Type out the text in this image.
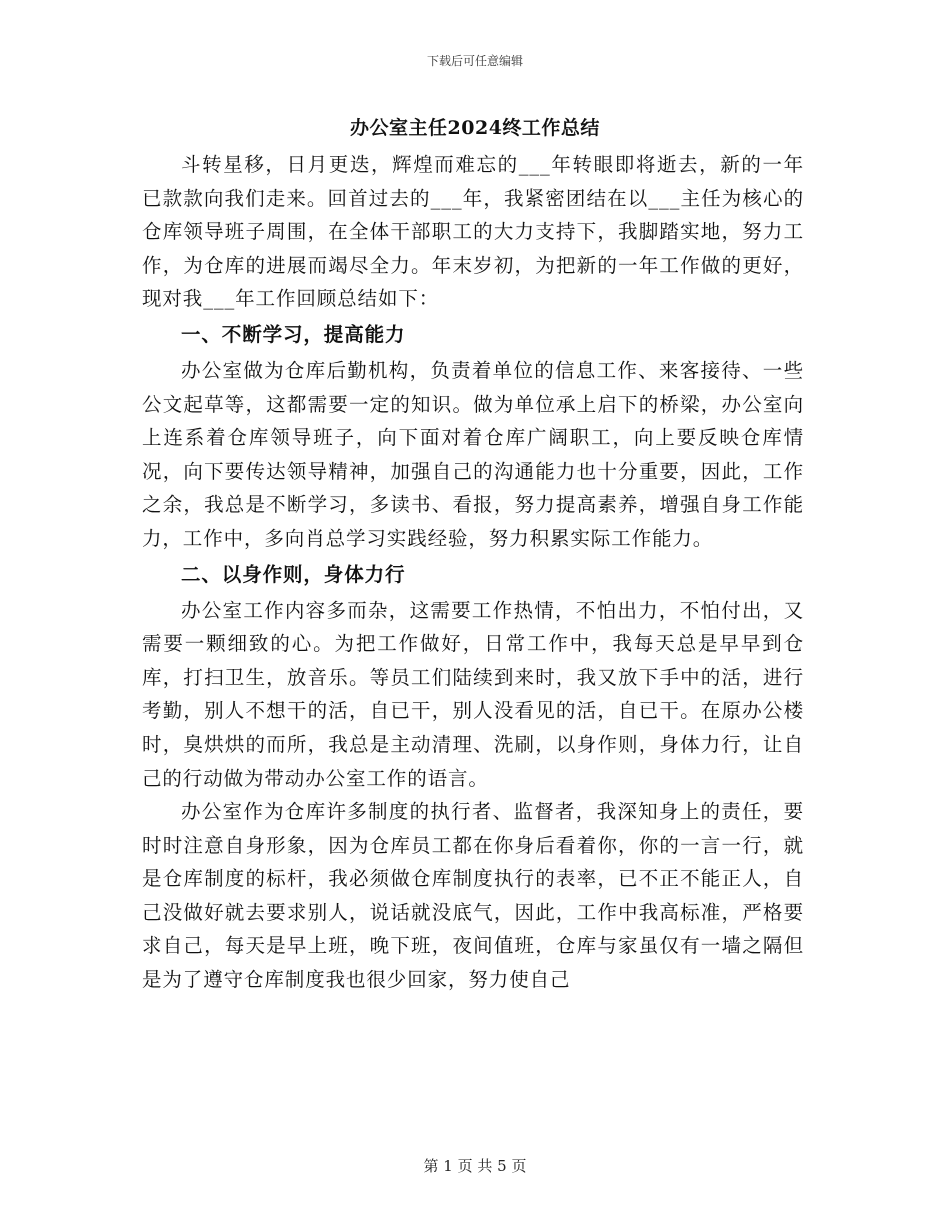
下载后可任意编辑
办公室主任2024终工作总结

斗转星移，日月更迭，辉煌而难忘的___年转眼即将逝去，新的一年已款款向我们走来。回首过去的___年，我紧密团结在以___主任为核心的仓库领导班子周围，在全体干部职工的大力支持下，我脚踏实地，努力工作，为仓库的进展而竭尽全力。年末岁初，为把新的一年工作做的更好，现对我___年工作回顾总结如下：

一、不断学习，提高能力

办公室做为仓库后勤机构，负责着单位的信息工作、来客接待、一些公文起草等，这都需要一定的知识。做为单位承上启下的桥梁，办公室向上连系着仓库领导班子，向下面对着仓库广阔职工，向上要反映仓库情况，向下要传达领导精神，加强自己的沟通能力也十分重要，因此，工作之余，我总是不断学习，多读书、看报，努力提高素养，增强自身工作能力，工作中，多向肖总学习实践经验，努力积累实际工作能力。

二、以身作则，身体力行

办公室工作内容多而杂，这需要工作热情，不怕出力，不怕付出，又需要一颗细致的心。为把工作做好，日常工作中，我每天总是早早到仓库，打扫卫生，放音乐。等员工们陆续到来时，我又放下手中的活，进行考勤，别人不想干的活，自已干，别人没看见的活，自已干。在原办公楼时，臭烘烘的而所，我总是主动清理、洗刷，以身作则，身体力行，让自己的行动做为带动办公室工作的语言。

办公室作为仓库许多制度的执行者、监督者，我深知身上的责任，要时时注意自身形象，因为仓库员工都在你身后看着你，你的一言一行，就是仓库制度的标杆，我必须做仓库制度执行的表率，已不正不能正人，自己没做好就去要求别人，说话就没底气，因此，工作中我高标准，严格要求自己，每天是早上班，晚下班，夜间值班，仓库与家虽仅有一墙之隔但是为了遵守仓库制度我也很少回家，努力使自己

第 1 页 共 5 页
